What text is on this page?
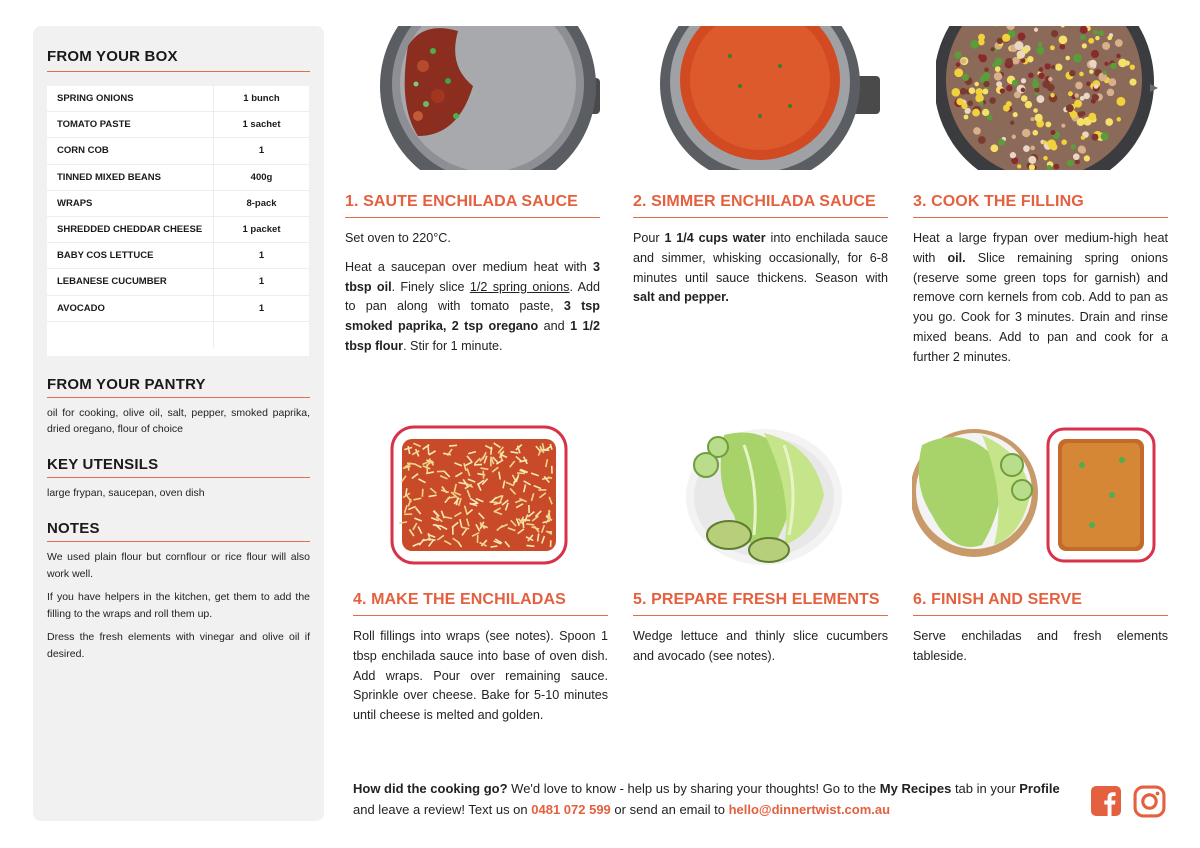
FROM YOUR BOX
SPRING ONIONS	1 bunch
TOMATO PASTE	1 sachet
CORN COB	1
TINNED MIXED BEANS	400g
WRAPS	8-pack
SHREDDED CHEDDAR CHEESE	1 packet
BABY COS LETTUCE	1
LEBANESE CUCUMBER	1
AVOCADO	1
FROM YOUR PANTRY
oil for cooking, olive oil, salt, pepper, smoked paprika, dried oregano, flour of choice
KEY UTENSILS
large frypan, saucepan, oven dish
NOTES
We used plain flour but cornflour or rice flour will also work well.
If you have helpers in the kitchen, get them to add the filling to the wraps and roll them up.
Dress the fresh elements with vinegar and olive oil if desired.
1. SAUTE ENCHILADA SAUCE

Set oven to 220°C.

Heat a saucepan over medium heat with 3 tbsp oil. Finely slice 1/2 spring onions. Add to pan along with tomato paste, 3 tsp smoked paprika, 2 tsp oregano and 1 1/2 tbsp flour. Stir for 1 minute.

2. SIMMER ENCHILADA SAUCE

Pour 1 1/4 cups water into enchilada sauce and simmer, whisking occasionally, for 6-8 minutes until sauce thickens. Season with salt and pepper.

3. COOK THE FILLING

Heat a large frypan over medium-high heat with oil. Slice remaining spring onions (reserve some green tops for garnish) and remove corn kernels from cob. Add to pan as you go. Cook for 3 minutes. Drain and rinse mixed beans. Add to pan and cook for a further 2 minutes.

4. MAKE THE ENCHILADAS

Roll fillings into wraps (see notes). Spoon 1 tbsp enchilada sauce into base of oven dish. Add wraps. Pour over remaining sauce. Sprinkle over cheese. Bake for 5-10 minutes until cheese is melted and golden.

5. PREPARE FRESH ELEMENTS

Wedge lettuce and thinly slice cucumbers and avocado (see notes).

6. FINISH AND SERVE

Serve enchiladas and fresh elements tableside.

How did the cooking go? We'd love to know - help us by sharing your thoughts! Go to the My Recipes tab in your Profile and leave a review! Text us on 0481 072 599 or send an email to hello@dinnertwist.com.au
